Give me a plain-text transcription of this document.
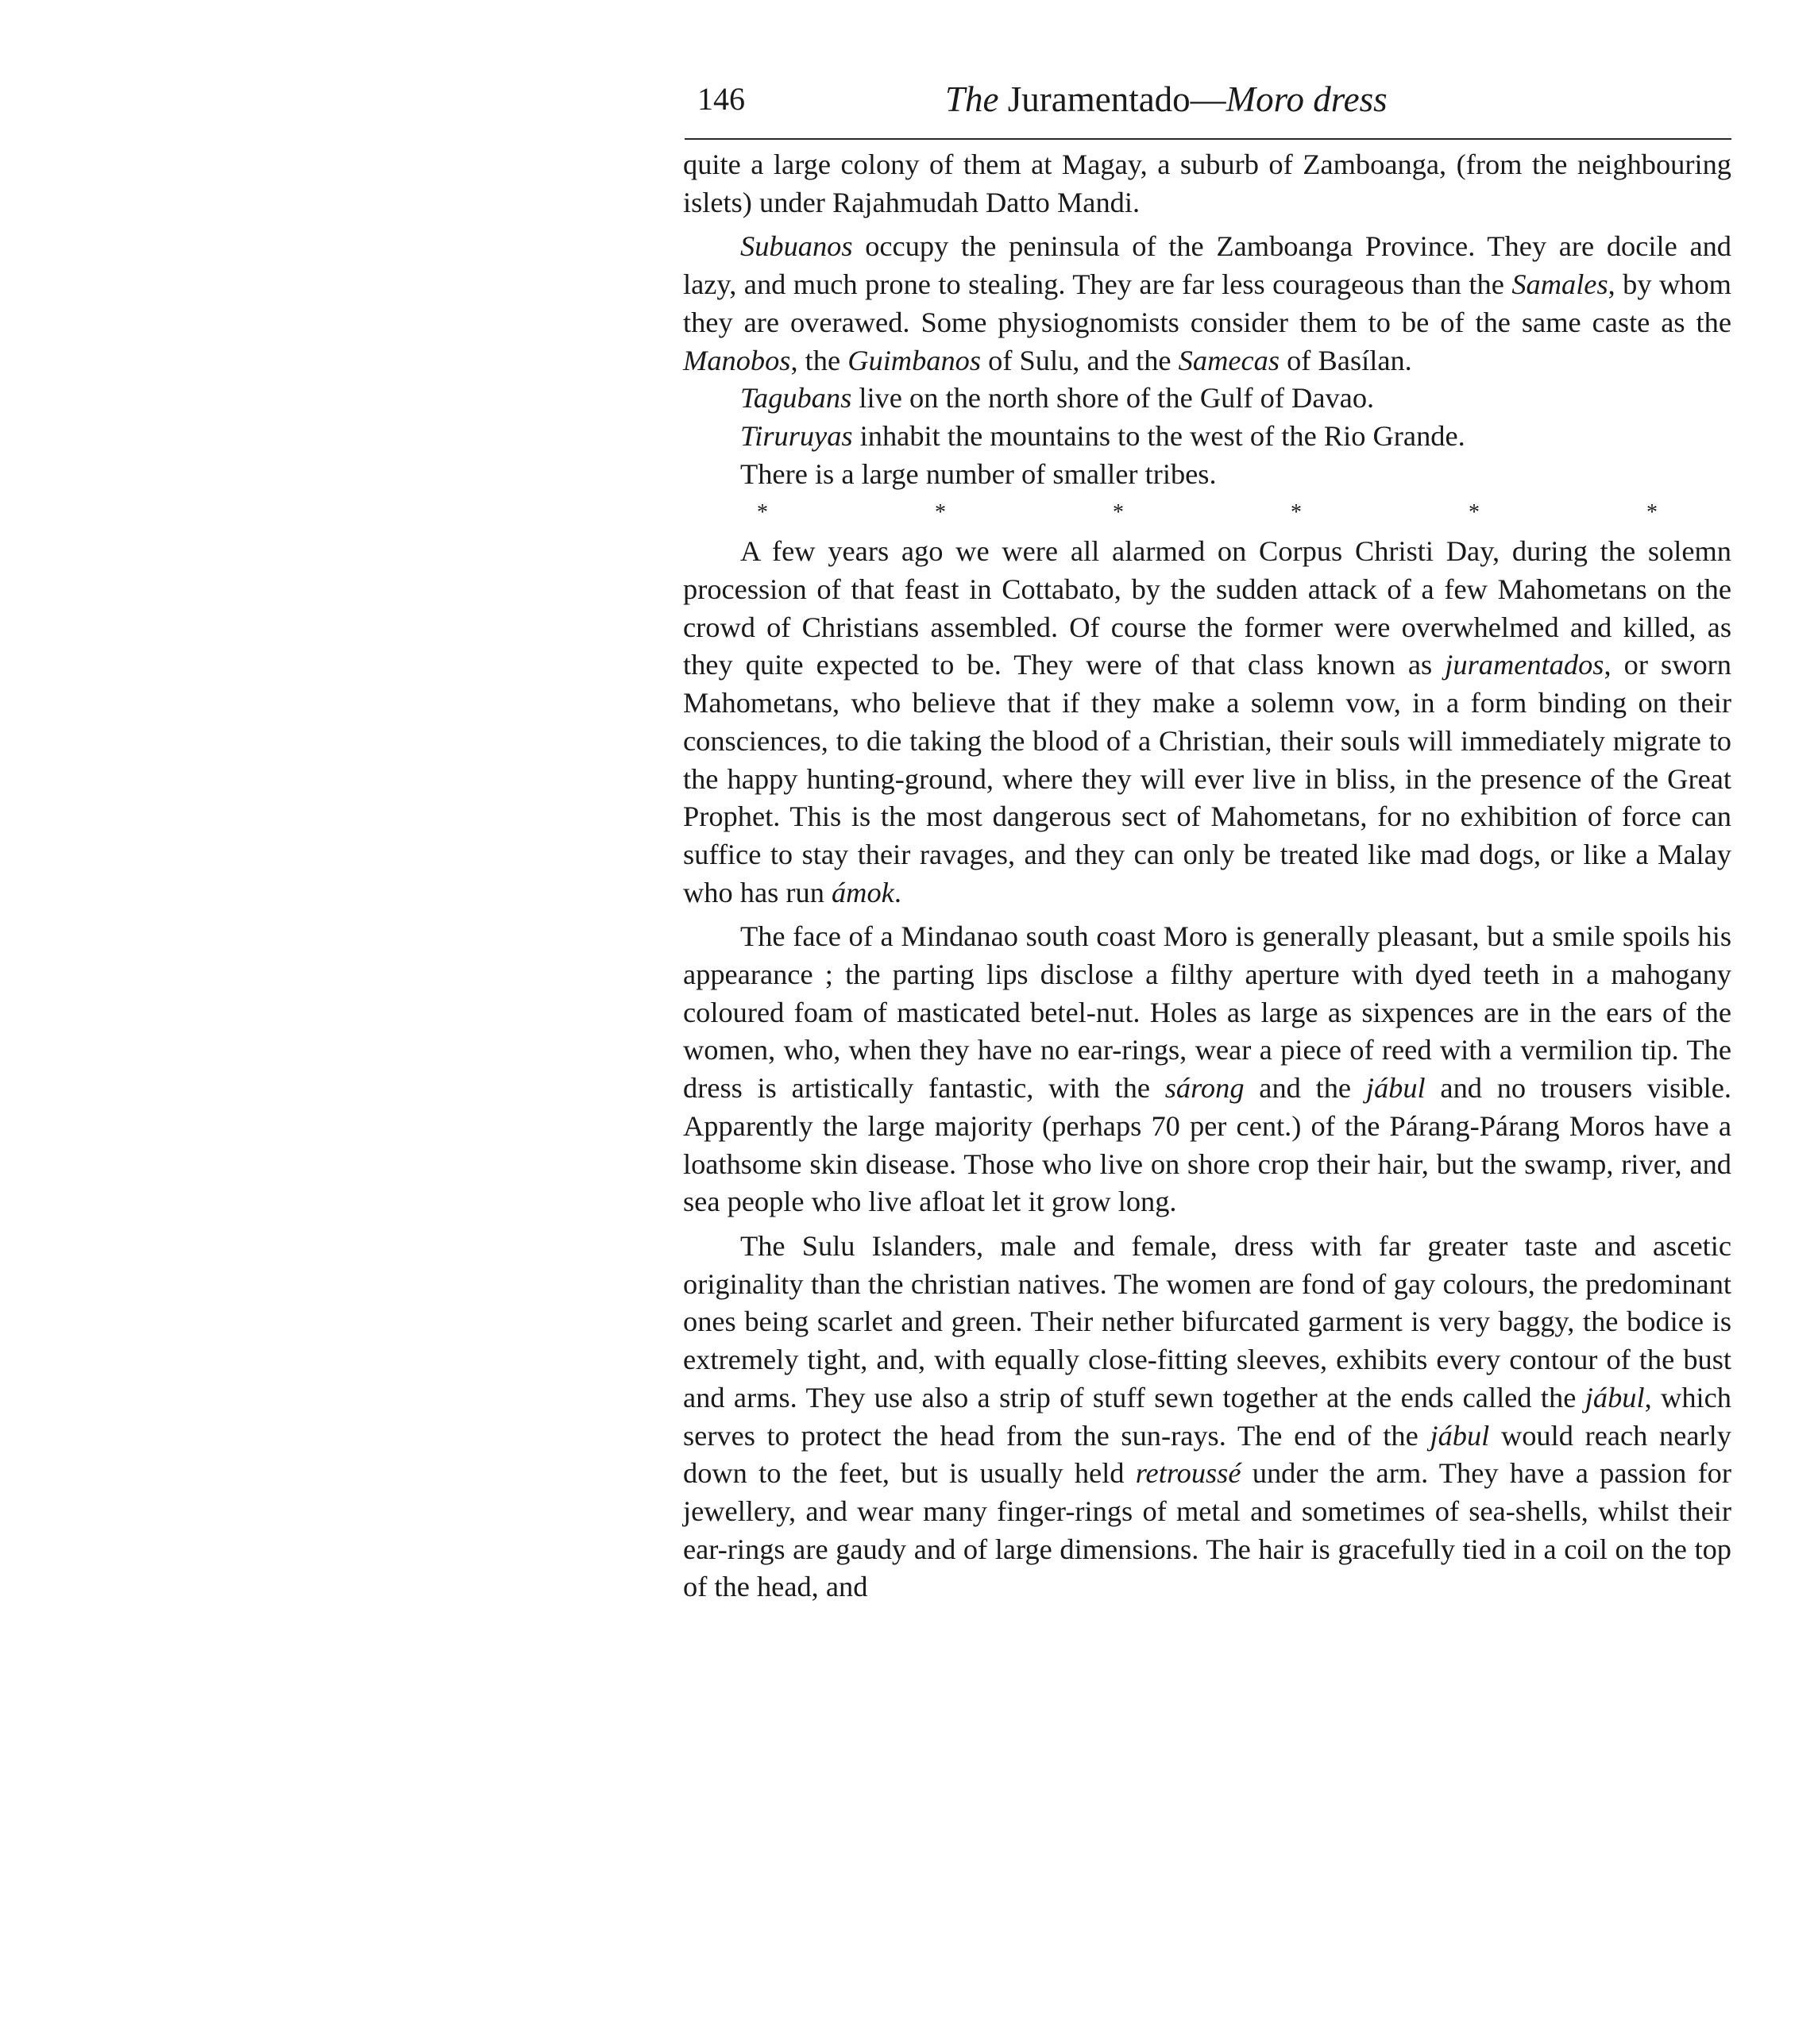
146	The Juramentado—Moro dress

quite a large colony of them at Magay, a suburb of Zamboanga, (from the neighbouring islets) under Rajahmudah Datto Mandi.

Subuanos occupy the peninsula of the Zamboanga Province. They are docile and lazy, and much prone to stealing. They are far less courageous than the Samales, by whom they are overawed. Some physiognomists consider them to be of the same caste as the Manobos, the Guimbanos of Sulu, and the Samecas of Basílan.

Tagubans live on the north shore of the Gulf of Davao.

Tiruruyas inhabit the mountains to the west of the Rio Grande.

There is a large number of smaller tribes.

*	*	*	*	*	*

A few years ago we were all alarmed on Corpus Christi Day, during the solemn procession of that feast in Cottabato, by the sudden attack of a few Mahometans on the crowd of Christians assembled. Of course the former were overwhelmed and killed, as they quite expected to be. They were of that class known as juramentados, or sworn Mahometans, who believe that if they make a solemn vow, in a form binding on their consciences, to die taking the blood of a Christian, their souls will immediately migrate to the happy hunting-ground, where they will ever live in bliss, in the presence of the Great Prophet. This is the most dangerous sect of Mahometans, for no exhibition of force can suffice to stay their ravages, and they can only be treated like mad dogs, or like a Malay who has run ámok.

The face of a Mindanao south coast Moro is generally pleasant, but a smile spoils his appearance ; the parting lips disclose a filthy aperture with dyed teeth in a mahogany coloured foam of masticated betel-nut. Holes as large as sixpences are in the ears of the women, who, when they have no ear-rings, wear a piece of reed with a vermilion tip. The dress is artistically fantastic, with the sárong and the jábul and no trousers visible. Apparently the large majority (perhaps 70 per cent.) of the Párang-Párang Moros have a loathsome skin disease. Those who live on shore crop their hair, but the swamp, river, and sea people who live afloat let it grow long.

The Sulu Islanders, male and female, dress with far greater taste and ascetic originality than the christian natives. The women are fond of gay colours, the predominant ones being scarlet and green. Their nether bifurcated garment is very baggy, the bodice is extremely tight, and, with equally close-fitting sleeves, exhibits every contour of the bust and arms. They use also a strip of stuff sewn together at the ends called the jábul, which serves to protect the head from the sun-rays. The end of the jábul would reach nearly down to the feet, but is usually held retroussé under the arm. They have a passion for jewellery, and wear many finger-rings of metal and sometimes of sea-shells, whilst their ear-rings are gaudy and of large dimensions. The hair is gracefully tied in a coil on the top of the head, and
